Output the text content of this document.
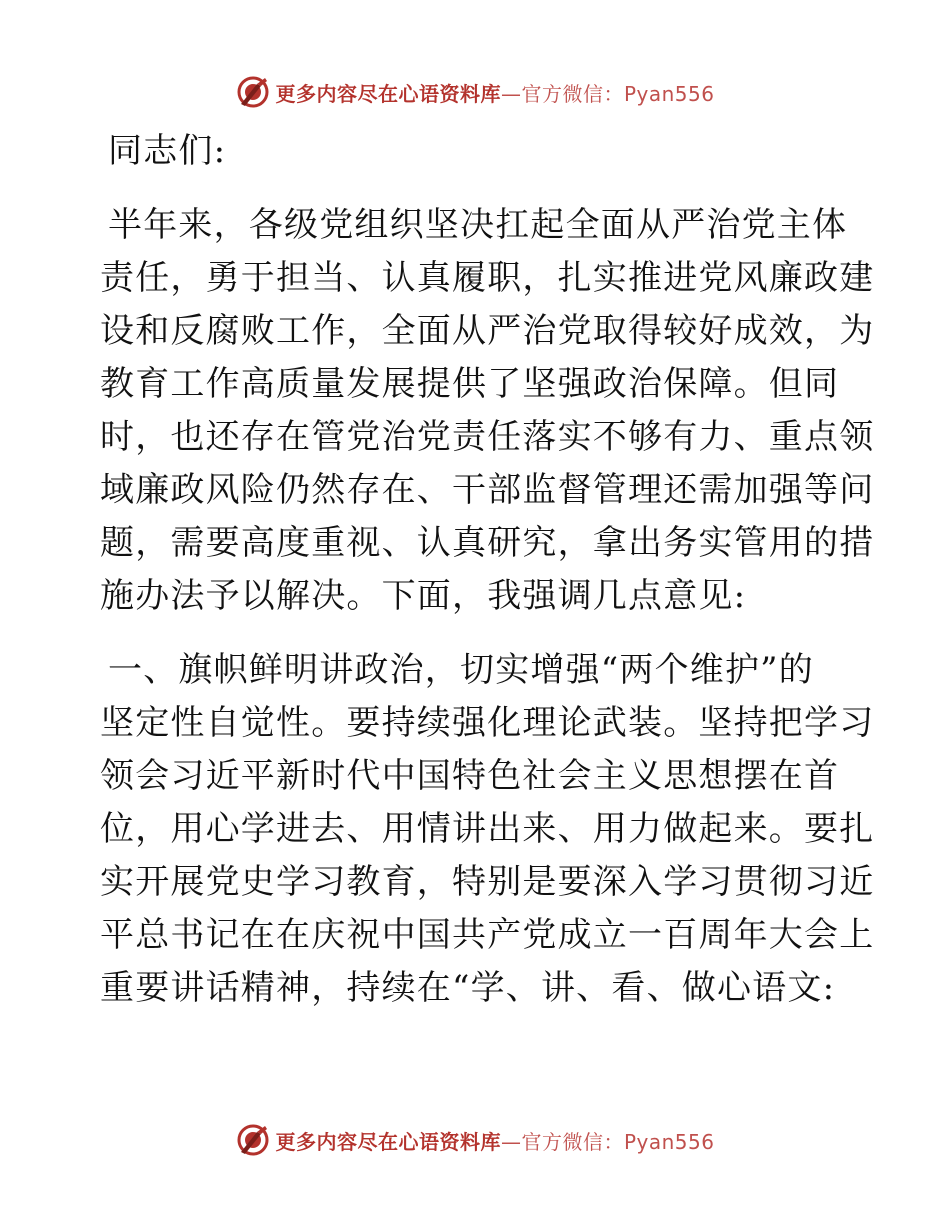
更多内容尽在心语资料库—官方微信：Pyan556
同志们:
半年来，各级党组织坚决扛起全面从严治党主体
责任，勇于担当、认真履职，扎实推进党风廉政建
设和反腐败工作，全面从严治党取得较好成效，为
教育工作高质量发展提供了坚强政治保障。但同
时，也还存在管党治党责任落实不够有力、重点领
域廉政风险仍然存在、干部监督管理还需加强等问
题，需要高度重视、认真研究，拿出务实管用的措
施办法予以解决。下面，我强调几点意见:
一、旗帜鲜明讲政治，切实增强“两个维护”的
坚定性自觉性。要持续强化理论武装。坚持把学习
领会习近平新时代中国特色社会主义思想摆在首
位，用心学进去、用情讲出来、用力做起来。要扎
实开展党史学习教育，特别是要深入学习贯彻习近
平总书记在在庆祝中国共产党成立一百周年大会上
重要讲话精神，持续在“学、讲、看、做心语文:
更多内容尽在心语资料库—官方微信：Pyan556
